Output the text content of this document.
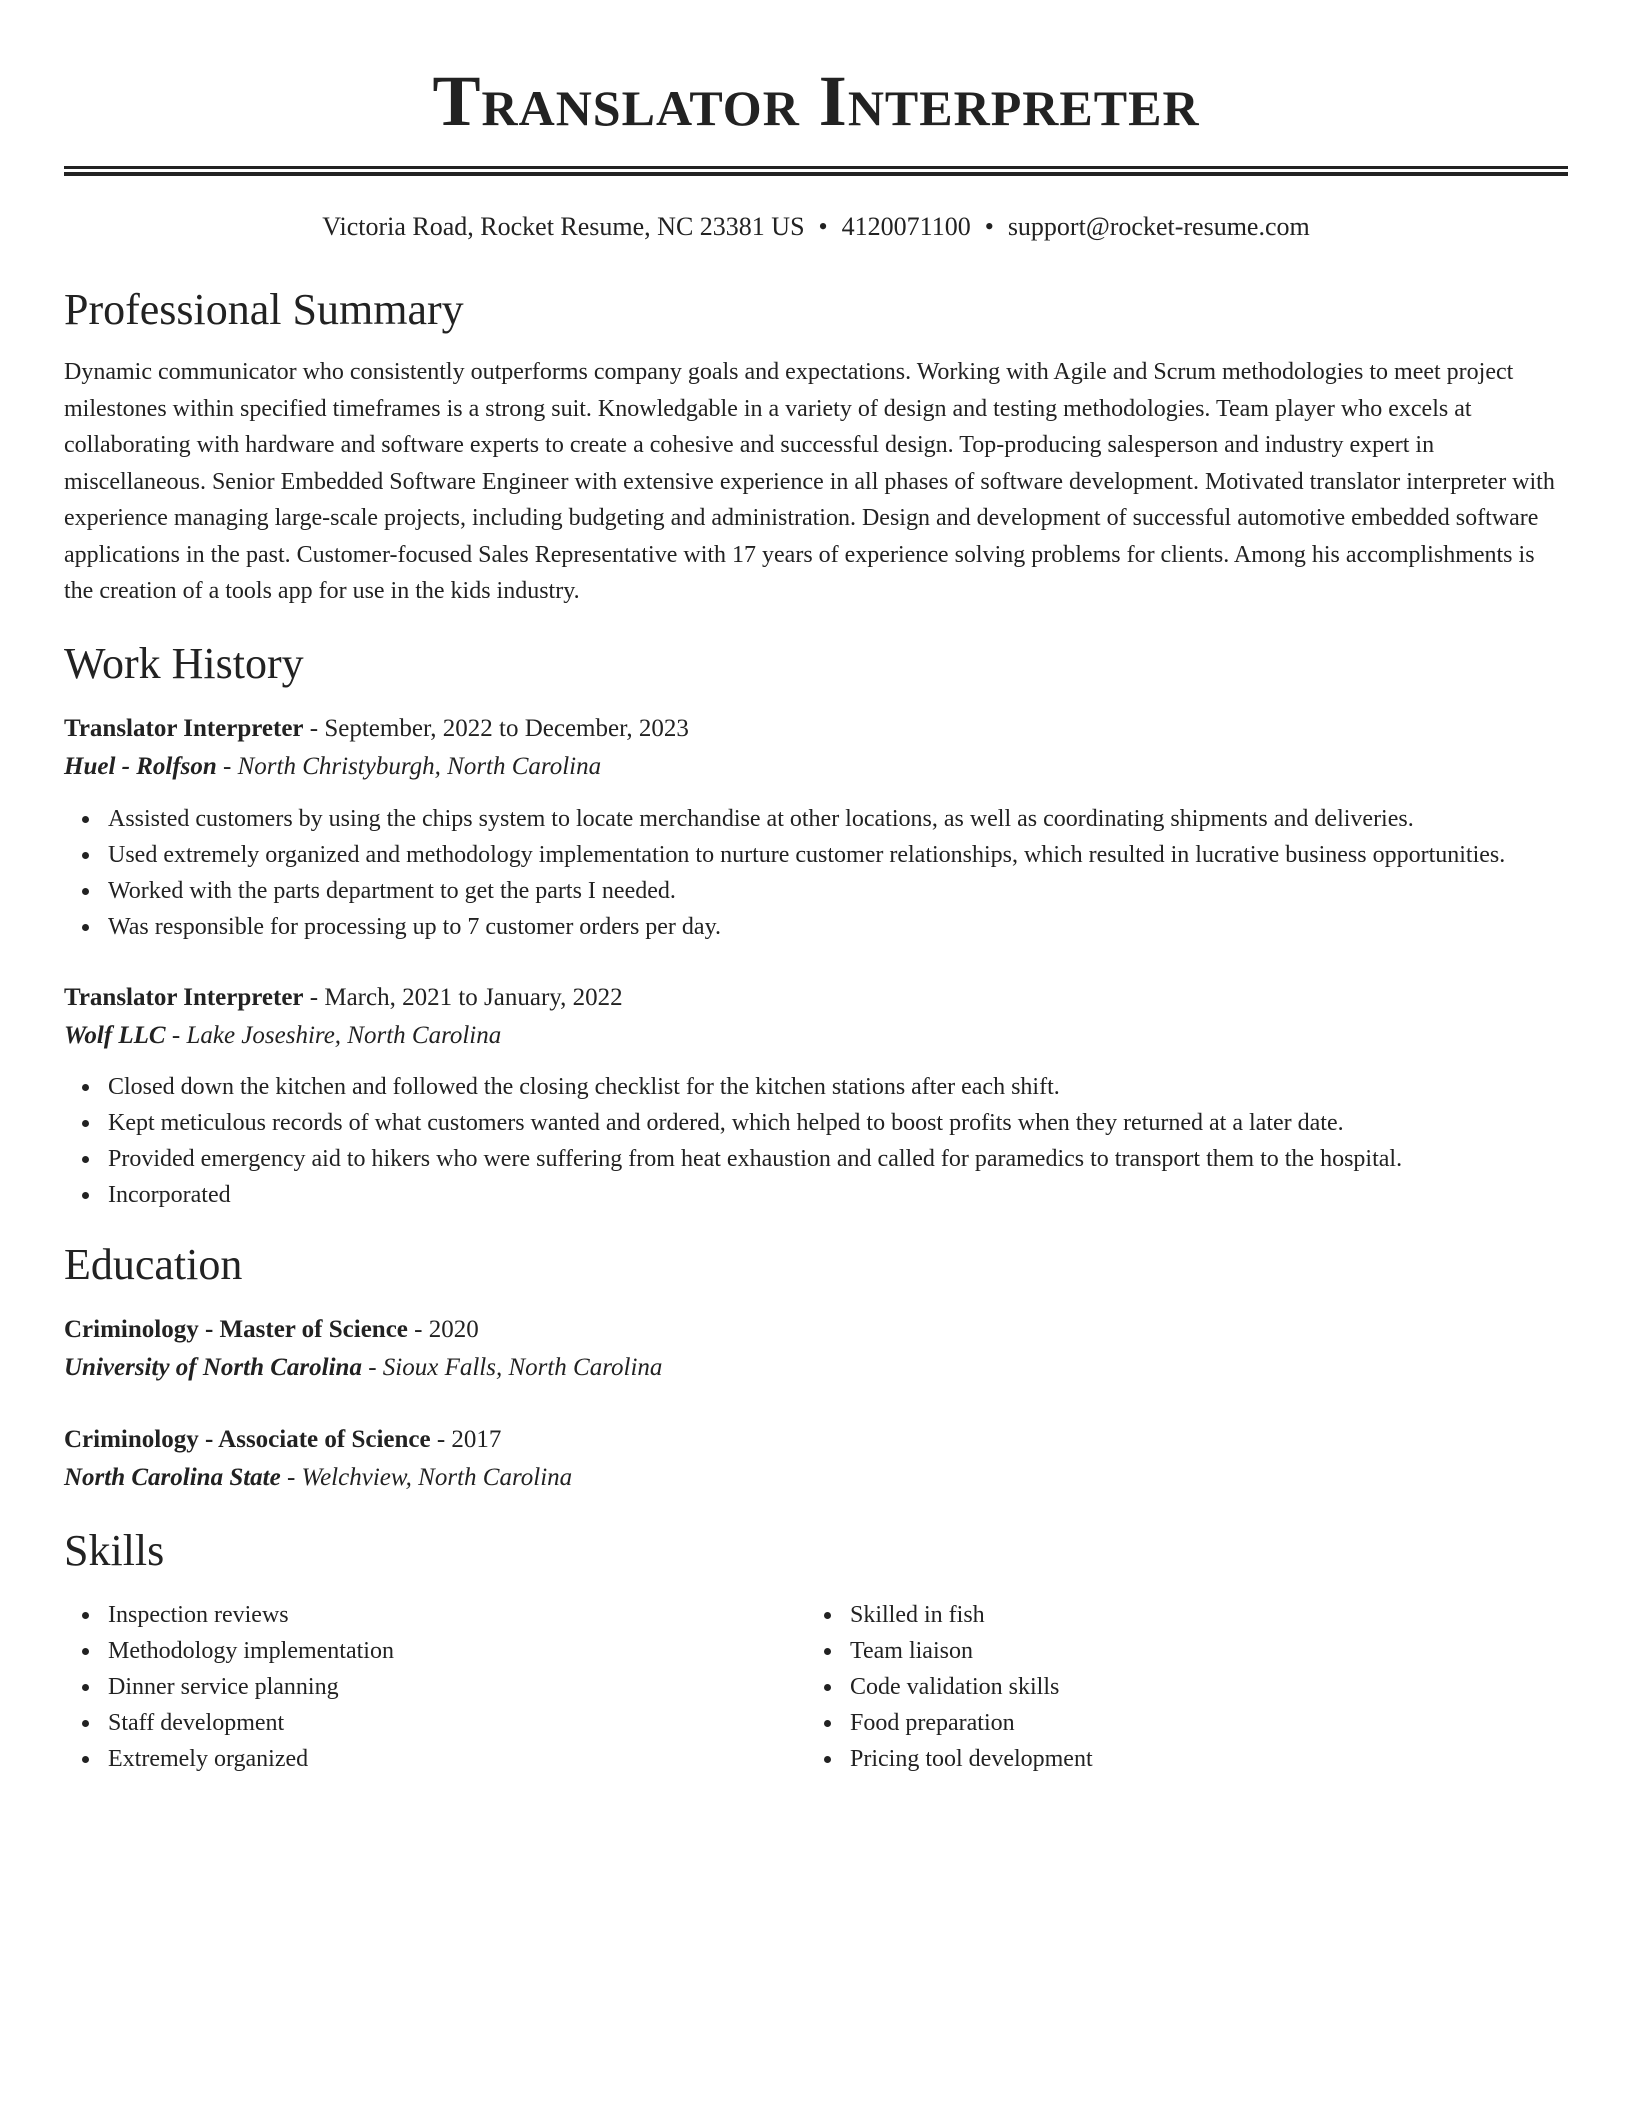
Translator Interpreter
Victoria Road, Rocket Resume, NC 23381 US • 4120071100 • support@rocket-resume.com
Professional Summary
Dynamic communicator who consistently outperforms company goals and expectations. Working with Agile and Scrum methodologies to meet project milestones within specified timeframes is a strong suit. Knowledgable in a variety of design and testing methodologies. Team player who excels at collaborating with hardware and software experts to create a cohesive and successful design. Top-producing salesperson and industry expert in miscellaneous. Senior Embedded Software Engineer with extensive experience in all phases of software development. Motivated translator interpreter with experience managing large-scale projects, including budgeting and administration. Design and development of successful automotive embedded software applications in the past. Customer-focused Sales Representative with 17 years of experience solving problems for clients. Among his accomplishments is the creation of a tools app for use in the kids industry.
Work History
Translator Interpreter - September, 2022 to December, 2023
Huel - Rolfson - North Christyburgh, North Carolina
Assisted customers by using the chips system to locate merchandise at other locations, as well as coordinating shipments and deliveries.
Used extremely organized and methodology implementation to nurture customer relationships, which resulted in lucrative business opportunities.
Worked with the parts department to get the parts I needed.
Was responsible for processing up to 7 customer orders per day.
Translator Interpreter - March, 2021 to January, 2022
Wolf LLC - Lake Joseshire, North Carolina
Closed down the kitchen and followed the closing checklist for the kitchen stations after each shift.
Kept meticulous records of what customers wanted and ordered, which helped to boost profits when they returned at a later date.
Provided emergency aid to hikers who were suffering from heat exhaustion and called for paramedics to transport them to the hospital.
Incorporated
Education
Criminology - Master of Science - 2020
University of North Carolina - Sioux Falls, North Carolina
Criminology - Associate of Science - 2017
North Carolina State - Welchview, North Carolina
Skills
Inspection reviews
Methodology implementation
Dinner service planning
Staff development
Extremely organized
Skilled in fish
Team liaison
Code validation skills
Food preparation
Pricing tool development
